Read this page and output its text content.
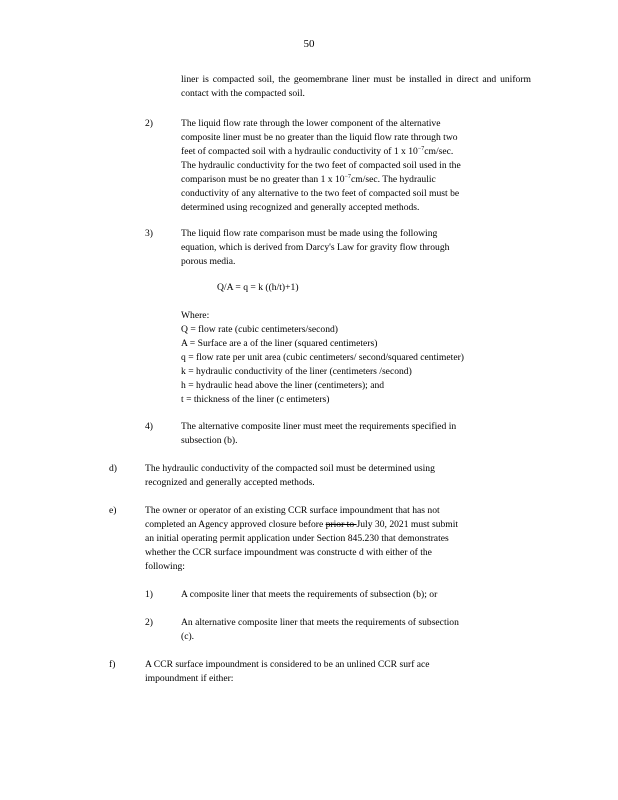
50
liner is compacted soil, the geomembrane liner must be installed in direct and uniform contact with the compacted soil.
2)	The liquid flow rate through the lower component of the alternative
composite liner must be no greater than the liquid flow rate through two
feet of compacted soil with a hydraulic conductivity of 1 x $10^{-7}cm/\sec$.
The hydraulic conductivity for the two feet of compacted soil used in the
comparison must be no greater than 1 x $10^{-7}cm/\sec$. The hydraulic
conductivity of any alternative to the two feet of compacted soil must be
determined using recognized and generally accepted methods.
3)	The liquid flow rate comparison must be made using the following
equation, which is derived from Darcy's Law for gravity flow through
porous media.
Q/A = q = k ((h/t)+1)
Where:
Q = flow rate (cubic centimeters/second)
A = Surface are a of the liner (squared centimeters)
q = flow rate per unit area (cubic centimeters/ second/squared centimeter)
k = hydraulic conductivity of the liner (centimeters /second)
h = hydraulic head above the liner (centimeters); and
t = thickness of the liner (c entimeters)
4)	The alternative composite liner must meet the requirements specified in
subsection (b).
d)	The hydraulic conductivity of the compacted soil must be determined using
recognized and generally accepted methods.
e)	The owner or operator of an existing CCR surface impoundment that has not
completed an Agency approved closure before prior to July 30, 2021 must submit
an initial operating permit application under Section 845.230 that demonstrates
whether the CCR surface impoundment was constructe d with either of the
following:
1)	A composite liner that meets the requirements of subsection (b); or
2)	An alternative composite liner that meets the requirements of subsection
(c).
f)	A CCR surface impoundment is considered to be an unlined CCR surf ace
impoundment if either:
